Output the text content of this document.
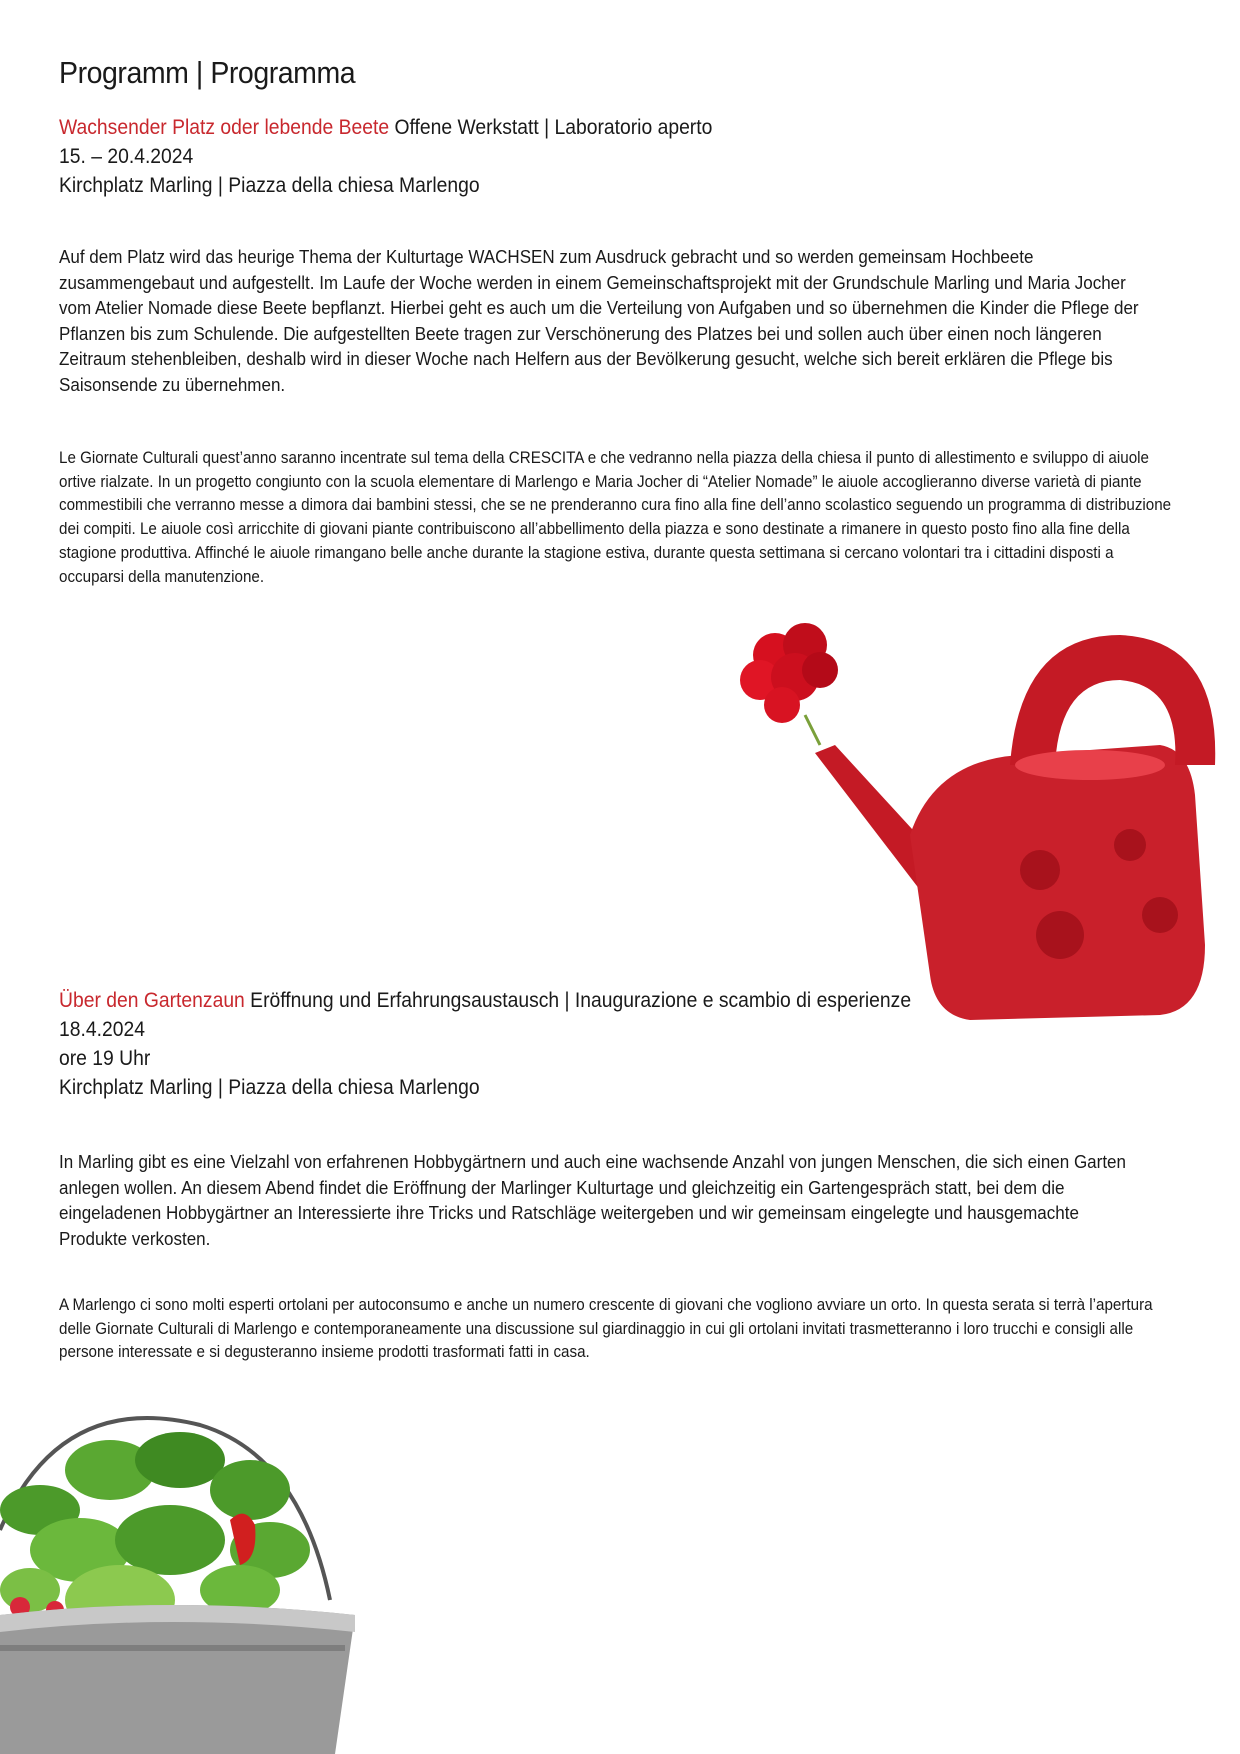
Programm | Programma
Wachsender Platz oder lebende Beete Offene Werkstatt | Laboratorio aperto
15. – 20.4.2024
Kirchplatz Marling | Piazza della chiesa Marlengo

Auf dem Platz wird das heurige Thema der Kulturtage WACHSEN zum Ausdruck gebracht und so werden gemeinsam Hochbeete zusammengebaut und aufgestellt. Im Laufe der Woche werden in einem Gemeinschaftsprojekt mit der Grundschule Marling und Maria Jocher vom Atelier Nomade diese Beete bepflanzt. Hierbei geht es auch um die Verteilung von Aufgaben und so übernehmen die Kinder die Pflege der Pflanzen bis zum Schulende. Die aufgestellten Beete tragen zur Verschönerung des Platzes bei und sollen auch über einen noch längeren Zeitraum stehenbleiben, deshalb wird in dieser Woche nach Helfern aus der Bevölkerung gesucht, welche sich bereit erklären die Pflege bis Saisonsende zu übernehmen.

Le Giornate Culturali quest’anno saranno incentrate sul tema della CRESCITA e che vedranno nella piazza della chiesa il punto di allestimento e sviluppo di aiuole ortive rialzate. In un progetto congiunto con la scuola elementare di Marlengo e Maria Jocher di “Atelier Nomade” le aiuole accoglieranno diverse varietà di piante commestibili che verranno messe a dimora dai bambini stessi, che se ne prenderanno cura fino alla fine dell’anno scolastico seguendo un programma di distribuzione dei compiti. Le aiuole così arricchite di giovani piante contribuiscono all’abbellimento della piazza e sono destinate a rimanere in questo posto fino alla fine della stagione produttiva. Affinché le aiuole rimangano belle anche durante la stagione estiva, durante questa settimana si cercano volontari tra i cittadini disposti a occuparsi della manutenzione.

Über den Gartenzaun Eröffnung und Erfahrungsaustausch | Inaugurazione e scambio di esperienze
18.4.2024
ore 19 Uhr
Kirchplatz Marling | Piazza della chiesa Marlengo

In Marling gibt es eine Vielzahl von erfahrenen Hobbygärtnern und auch eine wachsende Anzahl von jungen Menschen, die sich einen Garten anlegen wollen. An diesem Abend findet die Eröffnung der Marlinger Kulturtage und gleichzeitig ein Gartengespräch statt, bei dem die eingeladenen Hobbygärtner an Interessierte ihre Tricks und Ratschläge weitergeben und wir gemeinsam eingelegte und hausgemachte Produkte verkosten.

A Marlengo ci sono molti esperti ortolani per autoconsumo e anche un numero crescente di giovani che vogliono avviare un orto. In questa serata si terrà l’apertura delle Giornate Culturali di Marlengo e contemporaneamente una discussione sul giardinaggio in cui gli ortolani invitati trasmetteranno i loro trucchi e consigli alle persone interessate e si degusteranno insieme prodotti trasformati fatti in casa.
